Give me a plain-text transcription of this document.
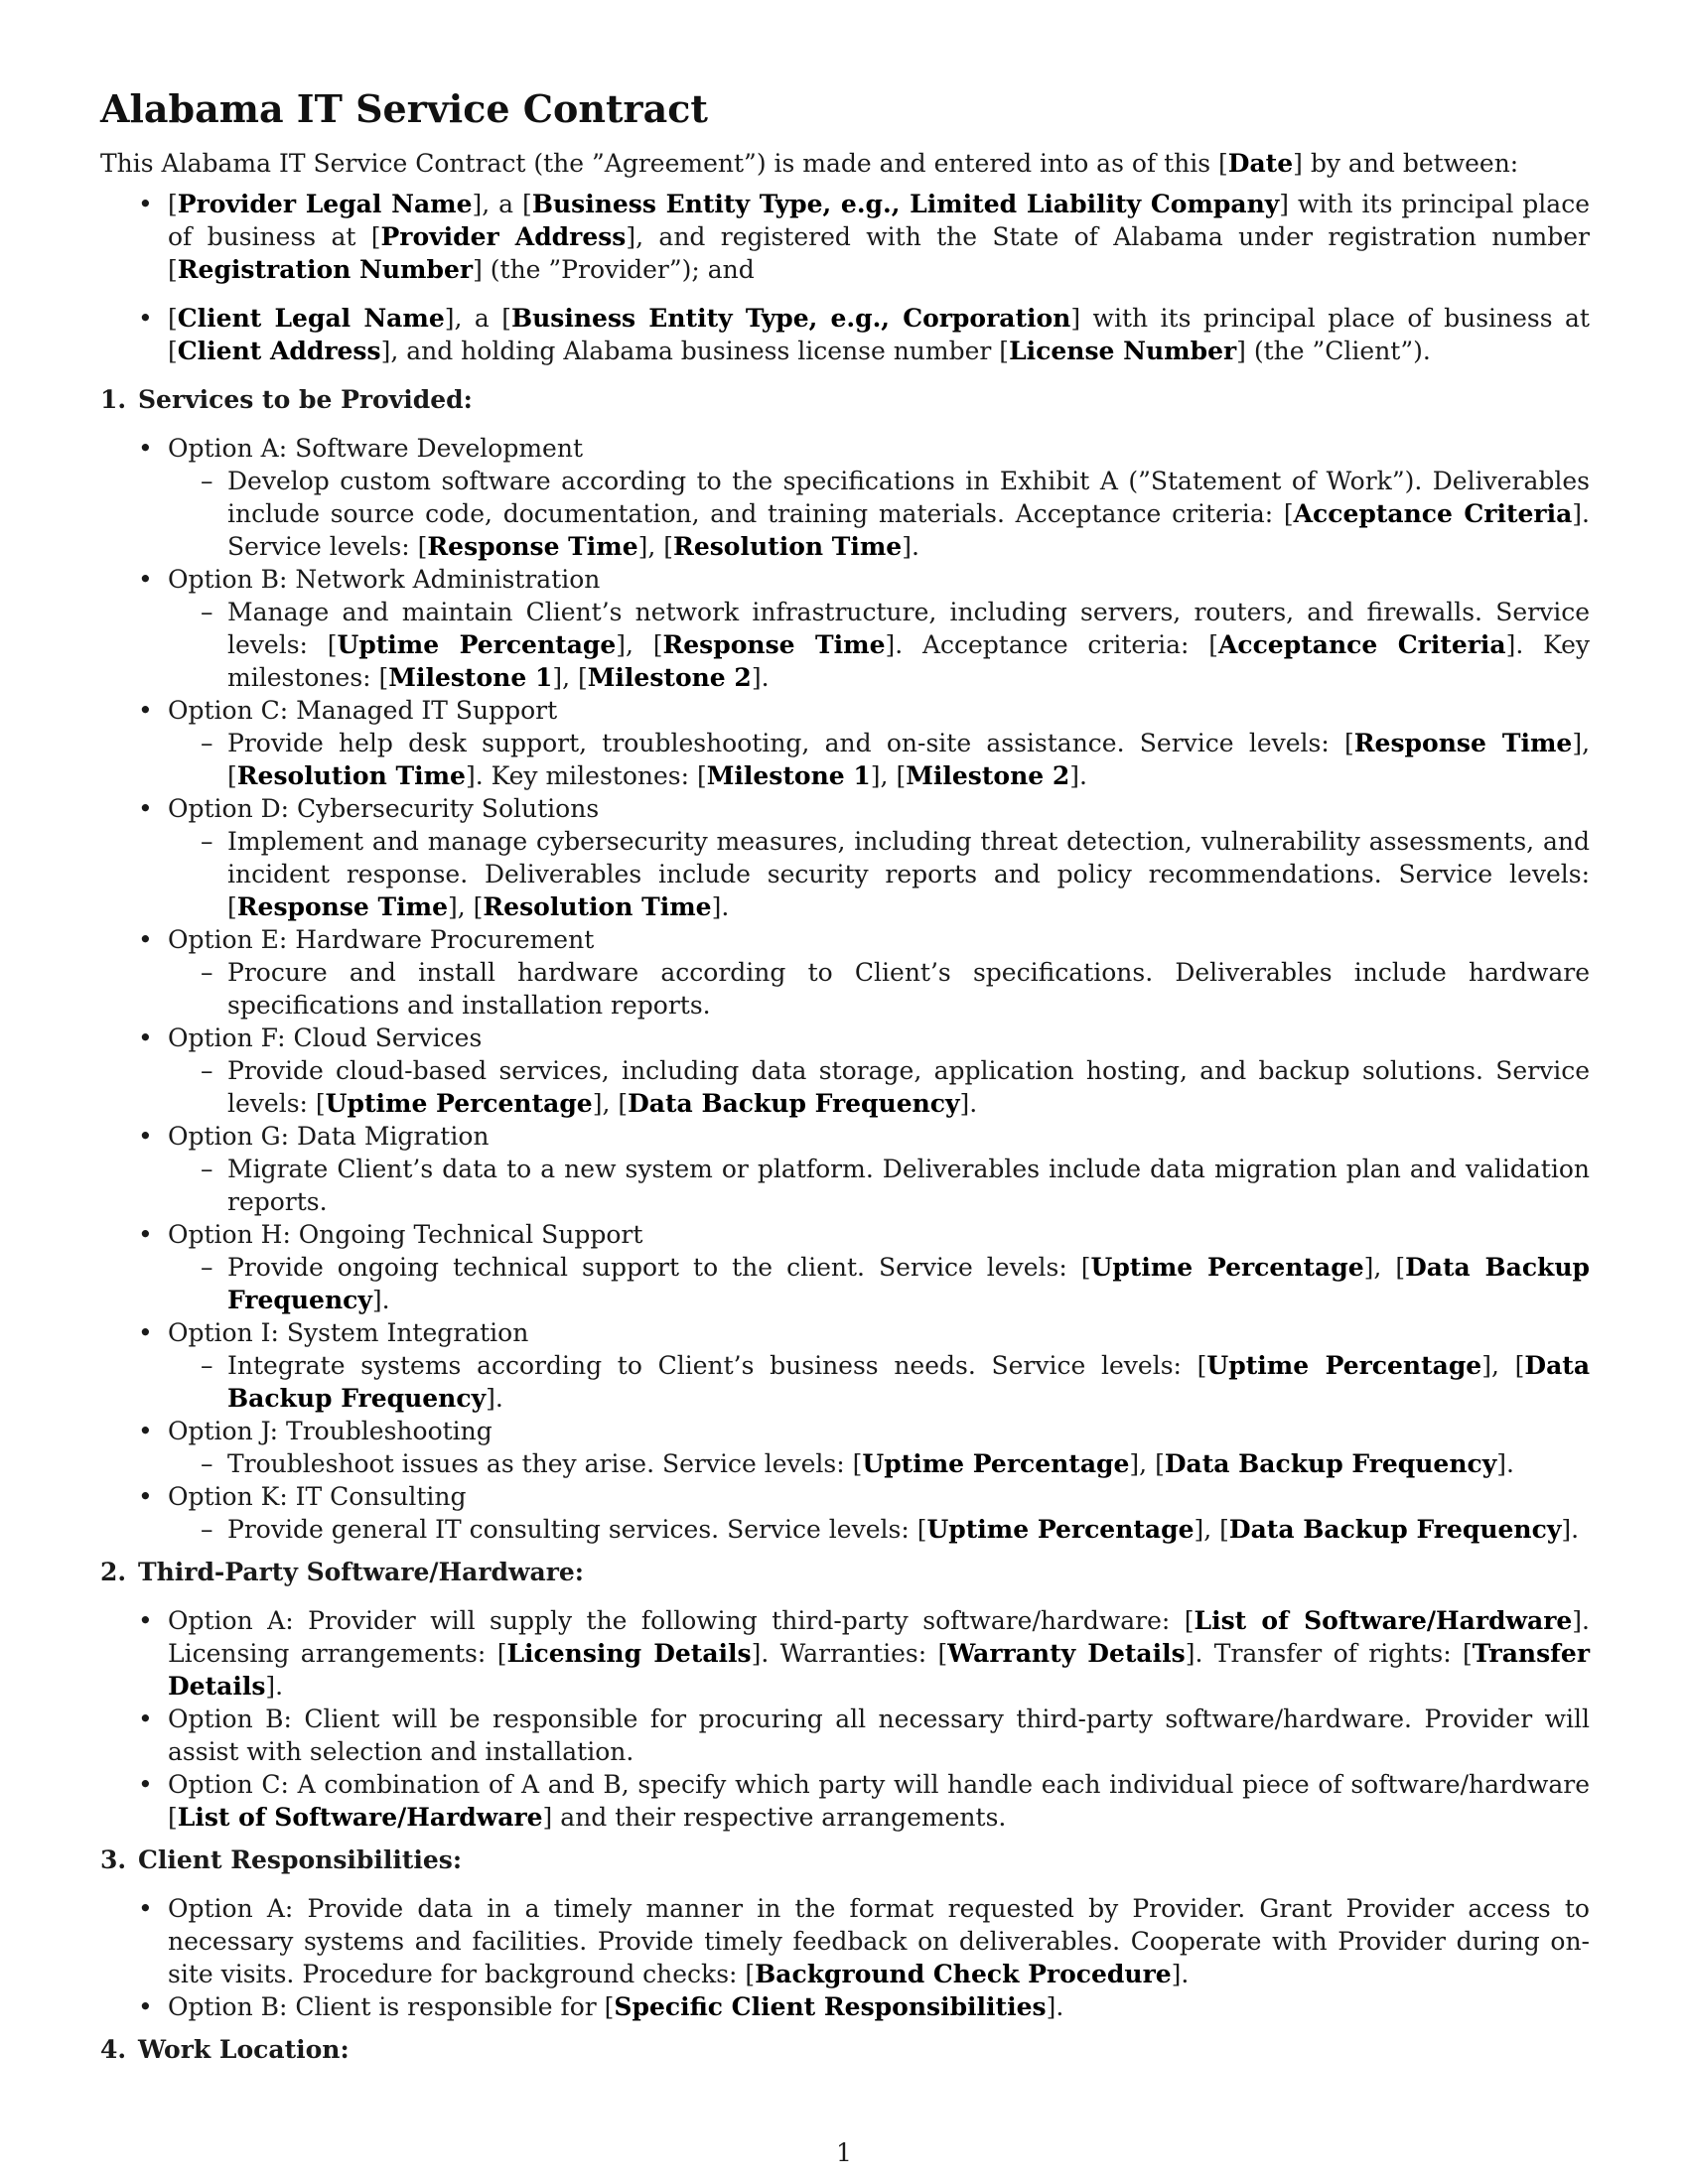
Alabama IT Service Contract

This Alabama IT Service Contract (the ”Agreement”) is made and entered into as of this [Date] by and between:

• [Provider Legal Name], a [Business Entity Type, e.g., Limited Liability Company] with its principal place of business at [Provider Address], and registered with the State of Alabama under registration number [Registration Number] (the ”Provider”); and
• [Client Legal Name], a [Business Entity Type, e.g., Corporation] with its principal place of business at [Client Address], and holding Alabama business license number [License Number] (the ”Client”).
1. Services to be Provided:
• Option A: Software Development
– Develop custom software according to the specifications in Exhibit A (”Statement of Work”). Deliverables include source code, documentation, and training materials. Acceptance criteria: [Acceptance Criteria]. Service levels: [Response Time], [Resolution Time].
• Option B: Network Administration
– Manage and maintain Client’s network infrastructure, including servers, routers, and firewalls. Service levels: [Uptime Percentage], [Response Time]. Acceptance criteria: [Acceptance Criteria]. Key milestones: [Milestone 1], [Milestone 2].
• Option C: Managed IT Support
– Provide help desk support, troubleshooting, and on-site assistance. Service levels: [Response Time], [Resolution Time]. Key milestones: [Milestone 1], [Milestone 2].
• Option D: Cybersecurity Solutions
– Implement and manage cybersecurity measures, including threat detection, vulnerability assessments, and incident response. Deliverables include security reports and policy recommendations. Service levels: [Response Time], [Resolution Time].
• Option E: Hardware Procurement
– Procure and install hardware according to Client’s specifications. Deliverables include hardware specifications and installation reports.
• Option F: Cloud Services
– Provide cloud-based services, including data storage, application hosting, and backup solutions. Service levels: [Uptime Percentage], [Data Backup Frequency].
• Option G: Data Migration
– Migrate Client’s data to a new system or platform. Deliverables include data migration plan and validation reports.
• Option H: Ongoing Technical Support
– Provide ongoing technical support to the client. Service levels: [Uptime Percentage], [Data Backup Frequency].
• Option I: System Integration
– Integrate systems according to Client’s business needs. Service levels: [Uptime Percentage], [Data Backup Frequency].
• Option J: Troubleshooting
– Troubleshoot issues as they arise. Service levels: [Uptime Percentage], [Data Backup Frequency].
• Option K: IT Consulting
– Provide general IT consulting services. Service levels: [Uptime Percentage], [Data Backup Frequency].
2. Third-Party Software/Hardware:
• Option A: Provider will supply the following third-party software/hardware: [List of Software/Hardware]. Licensing arrangements: [Licensing Details]. Warranties: [Warranty Details]. Transfer of rights: [Transfer Details].
• Option B: Client will be responsible for procuring all necessary third-party software/hardware. Provider will assist with selection and installation.
• Option C: A combination of A and B, specify which party will handle each individual piece of software/hardware [List of Software/Hardware] and their respective arrangements.
3. Client Responsibilities:
• Option A: Provide data in a timely manner in the format requested by Provider. Grant Provider access to necessary systems and facilities. Provide timely feedback on deliverables. Cooperate with Provider during on-site visits. Procedure for background checks: [Background Check Procedure].
• Option B: Client is responsible for [Specific Client Responsibilities].
4. Work Location:
1
